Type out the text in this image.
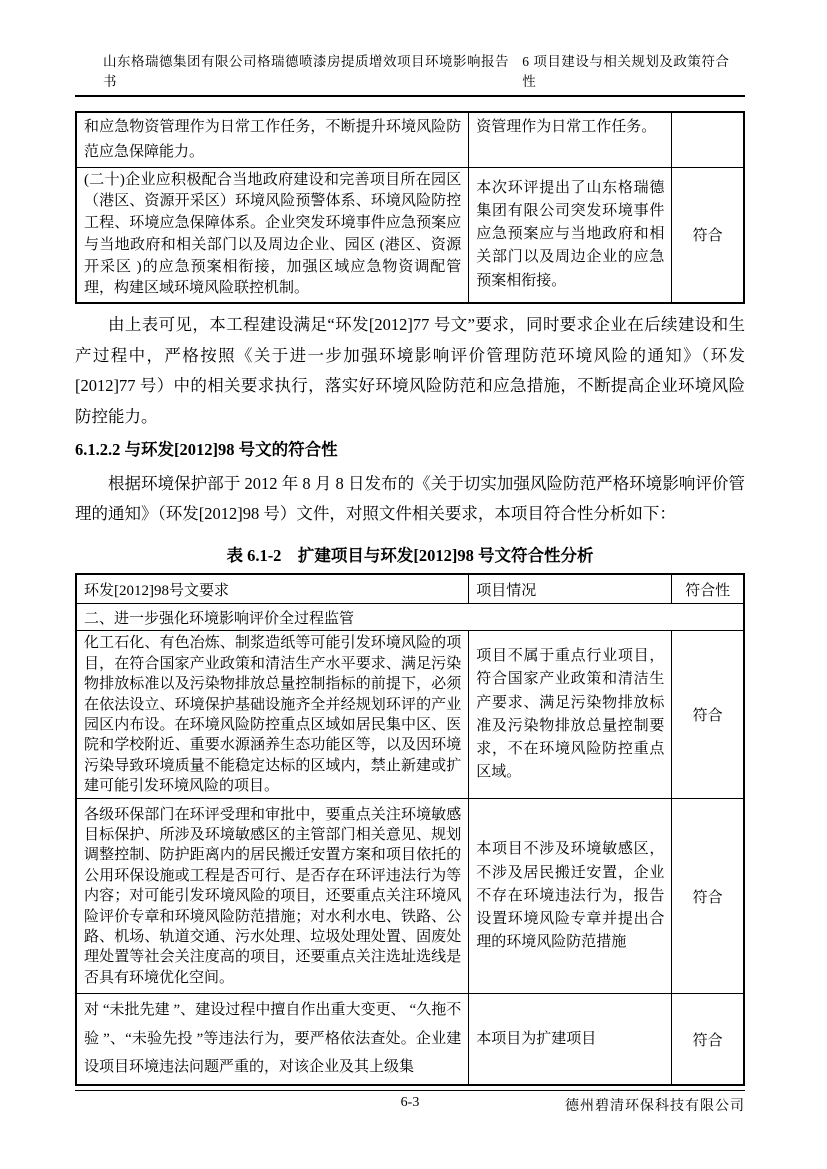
山东格瑞德集团有限公司格瑞德喷漆房提质增效项目环境影响报告书
6 项目建设与相关规划及政策符合性
和应急物资管理作为日常工作任务，不断提升环境风险防范应急保障能力。	资管理作为日常工作任务。	
(二十)企业应积极配合当地政府建设和完善项目所在园区（港区、资源开采区）环境风险预警体系、环境风险防控工程、环境应急保障体系。企业突发环境事件应急预案应与当地政府和相关部门以及周边企业、园区 (港区、资源开采区 )的应急预案相衔接，加强区域应急物资调配管理，构建区域环境风险联控机制。	本次环评提出了山东格瑞德集团有限公司突发环境事件应急预案应与当地政府和相关部门以及周边企业的应急预案相衔接。	符合

由上表可见，本工程建设满足“环发[2012]77 号文”要求，同时要求企业在后续建设和生产过程中，严格按照《关于进一步加强环境影响评价管理防范环境风险的通知》（环发[2012]77 号）中的相关要求执行，落实好环境风险防范和应急措施，不断提高企业环境风险防控能力。

6.1.2.2 与环发[2012]98 号文的符合性

根据环境保护部于 2012 年 8 月 8 日发布的《关于切实加强风险防范严格环境影响评价管理的通知》（环发[2012]98 号）文件，对照文件相关要求，本项目符合性分析如下：

表 6.1-2　扩建项目与环发[2012]98 号文符合性分析
环发[2012]98号文要求	项目情况	符合性
二、进一步强化环境影响评价全过程监管		
化工石化、有色冶炼、制浆造纸等可能引发环境风险的项目，在符合国家产业政策和清洁生产水平要求、满足污染物排放标准以及污染物排放总量控制指标的前提下，必须在依法设立、环境保护基础设施齐全并经规划环评的产业园区内布设。在环境风险防控重点区域如居民集中区、医院和学校附近、重要水源涵养生态功能区等，以及因环境污染导致环境质量不能稳定达标的区域内，禁止新建或扩建可能引发环境风险的项目。	项目不属于重点行业项目，符合国家产业政策和清洁生产要求、满足污染物排放标准及污染物排放总量控制要求，不在环境风险防控重点区域。	符合
各级环保部门在环评受理和审批中，要重点关注环境敏感目标保护、所涉及环境敏感区的主管部门相关意见、规划调整控制、防护距离内的居民搬迁安置方案和项目依托的公用环保设施或工程是否可行、是否存在环评违法行为等内容；对可能引发环境风险的项目，还要重点关注环境风险评价专章和环境风险防范措施；对水利水电、铁路、公路、机场、轨道交通、污水处理、垃圾处理处置、固废处理处置等社会关注度高的项目，还要重点关注选址选线是否具有环境优化空间。	本项目不涉及环境敏感区，不涉及居民搬迁安置，企业不存在环境违法行为，报告设置环境风险专章并提出合理的环境风险防范措施	符合
对 “未批先建 ”、建设过程中擅自作出重大变更、 “久拖不验 ”、“未验先投 ”等违法行为，要严格依法查处。企业建设项目环境违法问题严重的，对该企业及其上级集	本项目为扩建项目	符合
6-3	德州碧清环保科技有限公司
